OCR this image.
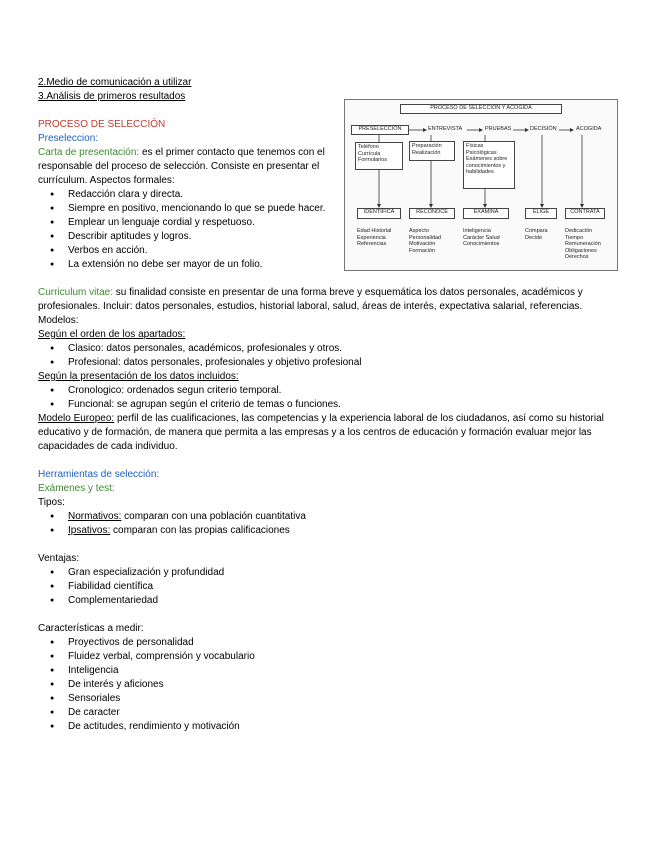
2.Medio de comunicación a utilizar

3.Análisis de primeros resultados

PROCESO DE SELECCIÓN

Preseleccion:

Carta de presentación: es el primer contacto que tenemos con el responsable del proceso de selección. Consiste en presentar el currículum. Aspectos formales:

● Redacción clara y directa.
● Siempre en positivo, mencionando lo que se puede hacer.
● Emplear un lenguaje cordial y respetuoso.
● Describir aptitudes y logros.
● Verbos en acción.
● La extensión no debe ser mayor de un folio.

Curriculum vitae: su finalidad consiste en presentar de una forma breve y esquemática los datos personales, académicos y profesionales. Incluir: datos personales, estudios, historial laboral, salud, áreas de interés, expectativa salarial, referencias. Modelos:

Según el orden de los apartados:

● Clasico: datos personales, académicos, profesionales y otros.
● Profesional: datos personales, profesionales y objetivo profesional

Según la presentación de los datos incluidos:

● Cronologico: ordenados segun criterio temporal.
● Funcional: se agrupan según el criterio de temas o funciones.

Modelo Europeo: perfil de las cualificaciones, las competencias y la experiencia laboral de los ciudadanos, así como su historial educativo y de formación, de manera que permita a las empresas y a los centros de educación y formación evaluar mejor las capacidades de cada individuo.

Herramientas de selección:

Exámenes y test:

Tipos:

● Normativos: comparan con una población cuantitativa
● Ipsativos: comparan con las propias calificaciones

Ventajas:

● Gran especialización y profundidad
● Fiabilidad científica
● Complementariedad

Características a medir:

● Proyectivos de personalidad
● Fluidez verbal, comprensión y vocabulario
● Inteligencia
● De interés y aficiones
● Sensoriales
● De caracter
● De actitudes, rendimiento y motivación
PROCESO DE SELECCIÓN Y ACOGIDA
PRESELECCIÓN	ENTREVISTA	PRUEBAS	DECISIÓN	ACOGIDA
Teléfono Currícula Formularios
Preparación Realización
Físicas Psicológicas Exámenes sobre conocimientos y habilidades
IDENTIFICA	RECONOCE	EXAMINA	ELIGE	CONTRATA
Edad Historial Experiencia Referencias
Aspecto Personalidad Motivación Formación
Inteligencia Carácter Salud Conocimientos
Compara Decide
Dedicación Tiempo Remuneración Obligaciones Derechos
